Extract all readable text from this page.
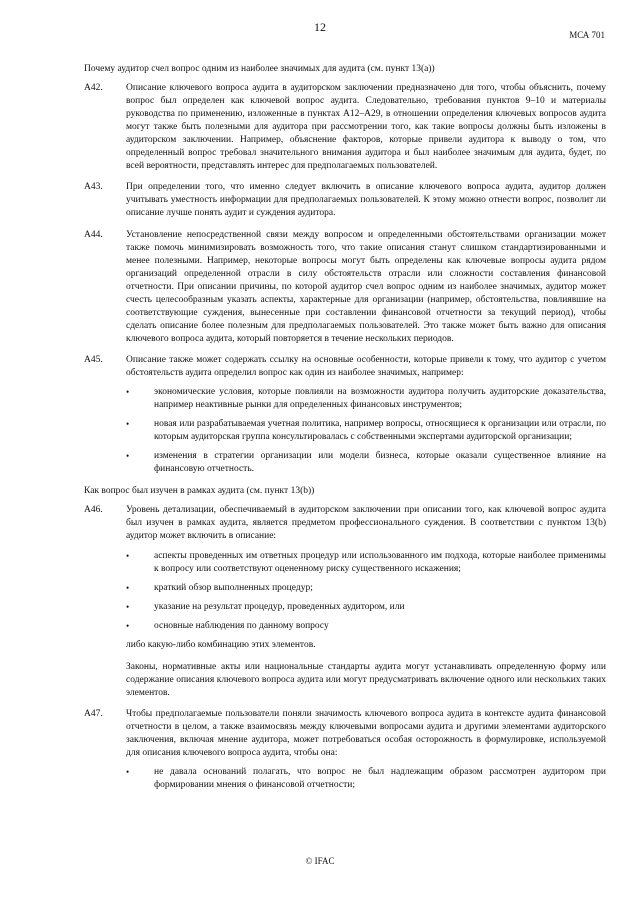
12
МСА 701
Почему аудитор счел вопрос одним из наиболее значимых для аудита (см. пункт 13(а))
A42. Описание ключевого вопроса аудита в аудиторском заключении предназначено для того, чтобы объяснить, почему вопрос был определен как ключевой вопрос аудита. Следовательно, требования пунктов 9–10 и материалы руководства по применению, изложенные в пунктах A12–A29, в отношении определения ключевых вопросов аудита могут также быть полезными для аудитора при рассмотрении того, как такие вопросы должны быть изложены в аудиторском заключении. Например, объяснение факторов, которые привели аудитора к выводу о том, что определенный вопрос требовал значительного внимания аудитора и был наиболее значимым для аудита, будет, по всей вероятности, представлять интерес для предполагаемых пользователей.

A43. При определении того, что именно следует включить в описание ключевого вопроса аудита, аудитор должен учитывать уместность информации для предполагаемых пользователей. К этому можно отнести вопрос, позволит ли описание лучше понять аудит и суждения аудитора.

A44. Установление непосредственной связи между вопросом и определенными обстоятельствами организации может также помочь минимизировать возможность того, что такие описания станут слишком стандартизированными и менее полезными. Например, некоторые вопросы могут быть определены как ключевые вопросы аудита рядом организаций определенной отрасли в силу обстоятельств отрасли или сложности составления финансовой отчетности. При описании причины, по которой аудитор счел вопрос одним из наиболее значимых, аудитор может счесть целесообразным указать аспекты, характерные для организации (например, обстоятельства, повлиявшие на соответствующие суждения, вынесенные при составлении финансовой отчетности за текущий период), чтобы сделать описание более полезным для предполагаемых пользователей. Это также может быть важно для описания ключевого вопроса аудита, который повторяется в течение нескольких периодов.

A45. Описание также может содержать ссылку на основные особенности, которые привели к тому, что аудитор с учетом обстоятельств аудита определил вопрос как один из наиболее значимых, например:

•	экономические условия, которые повлияли на возможности аудитора получить аудиторские доказательства, например неактивные рынки для определенных финансовых инструментов;
•	новая или разрабатываемая учетная политика, например вопросы, относящиеся к организации или отрасли, по которым аудиторская группа консультировалась с собственными экспертами аудиторской организации;
•	изменения в стратегии организации или модели бизнеса, которые оказали существенное влияние на финансовую отчетность.
Как вопрос был изучен в рамках аудита (см. пункт 13(b))
A46. Уровень детализации, обеспечиваемый в аудиторском заключении при описании того, как ключевой вопрос аудита был изучен в рамках аудита, является предметом профессионального суждения. В соответствии с пунктом 13(b) аудитор может включить в описание:

•	аспекты проведенных им ответных процедур или использованного им подхода, которые наиболее применимы к вопросу или соответствуют оцененному риску существенного искажения;
•	краткий обзор выполненных процедур;
•	указание на результат процедур, проведенных аудитором, или
•	основные наблюдения по данному вопросу

либо какую-либо комбинацию этих элементов.

Законы, нормативные акты или национальные стандарты аудита могут устанавливать определенную форму или содержание описания ключевого вопроса аудита или могут предусматривать включение одного или нескольких таких элементов.

A47. Чтобы предполагаемые пользователи поняли значимость ключевого вопроса аудита в контексте аудита финансовой отчетности в целом, а также взаимосвязь между ключевыми вопросами аудита и другими элементами аудиторского заключения, включая мнение аудитора, может потребоваться особая осторожность в формулировке, используемой для описания ключевого вопроса аудита, чтобы она:

•	не давала оснований полагать, что вопрос не был надлежащим образом рассмотрен аудитором при формировании мнения о финансовой отчетности;
© IFAC
